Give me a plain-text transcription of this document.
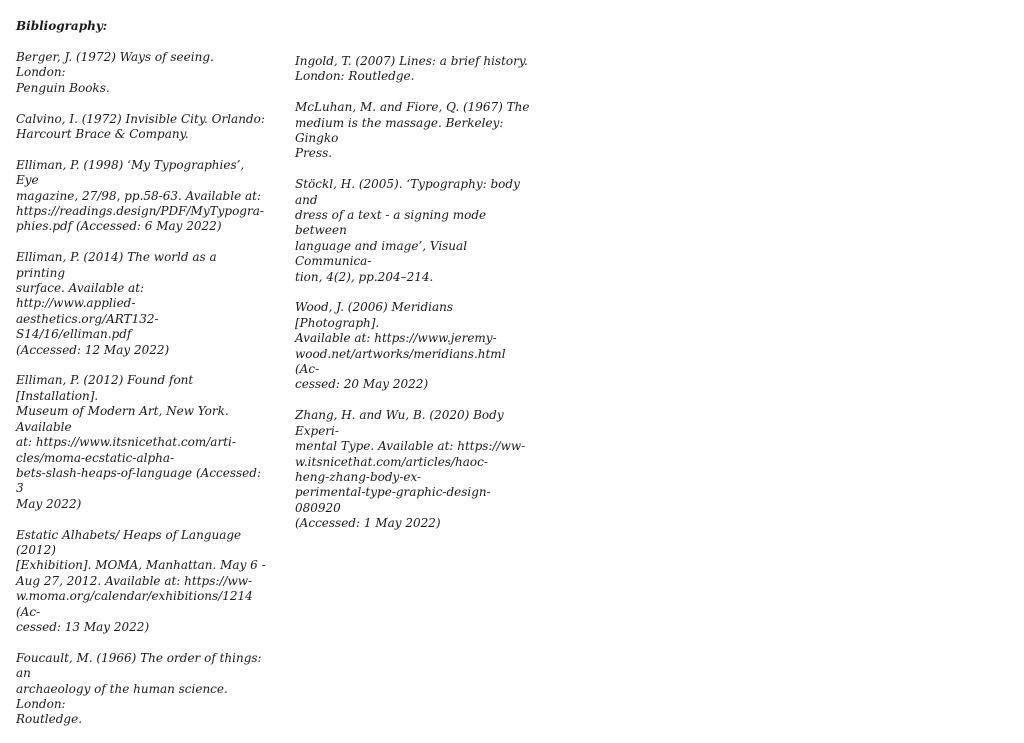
Bibliography:

Berger, J. (1972) Ways of seeing. London:
Penguin Books.

Calvino, I. (1972) Invisible City. Orlando:
Harcourt Brace & Company.

Elliman, P. (1998) ‘My Typographies’, Eye
magazine, 27/98, pp.58-63. Available at:
https://readings.design/PDF/MyTypogra-
phies.pdf (Accessed: 6 May 2022)

Elliman, P. (2014) The world as a printing
surface. Available at: http://www.applied-
aesthetics.org/ART132-S14/16/elliman.pdf
(Accessed: 12 May 2022)

Elliman, P. (2012) Found font [Installation].
Museum of Modern Art, New York. Available
at: https://www.itsnicethat.com/arti-
cles/moma-ecstatic-alpha-
bets-slash-heaps-of-language (Accessed: 3
May 2022)

Estatic Alhabets/ Heaps of Language (2012)
[Exhibition]. MOMA, Manhattan. May 6 -
Aug 27, 2012. Available at: https://ww-
w.moma.org/calendar/exhibitions/1214 (Ac-
cessed: 13 May 2022)

Foucault, M. (1966) The order of things: an
archaeology of the human science. London:
Routledge.

Ingold, T. (2007) Lines: a brief history.
London: Routledge.

McLuhan, M. and Fiore, Q. (1967) The
medium is the massage. Berkeley: Gingko
Press.

Stöckl, H. (2005). ‘Typography: body and
dress of a text - a signing mode between
language and image’, Visual Communica-
tion, 4(2), pp.204–214.

Wood, J. (2006) Meridians [Photograph].
Available at: https://www.jeremy-
wood.net/artworks/meridians.html (Ac-
cessed: 20 May 2022)

Zhang, H. and Wu, B. (2020) Body Experi-
mental Type. Available at: https://ww-
w.itsnicethat.com/articles/haoc-
heng-zhang-body-ex-
perimental-type-graphic-design-080920
(Accessed: 1 May 2022)
